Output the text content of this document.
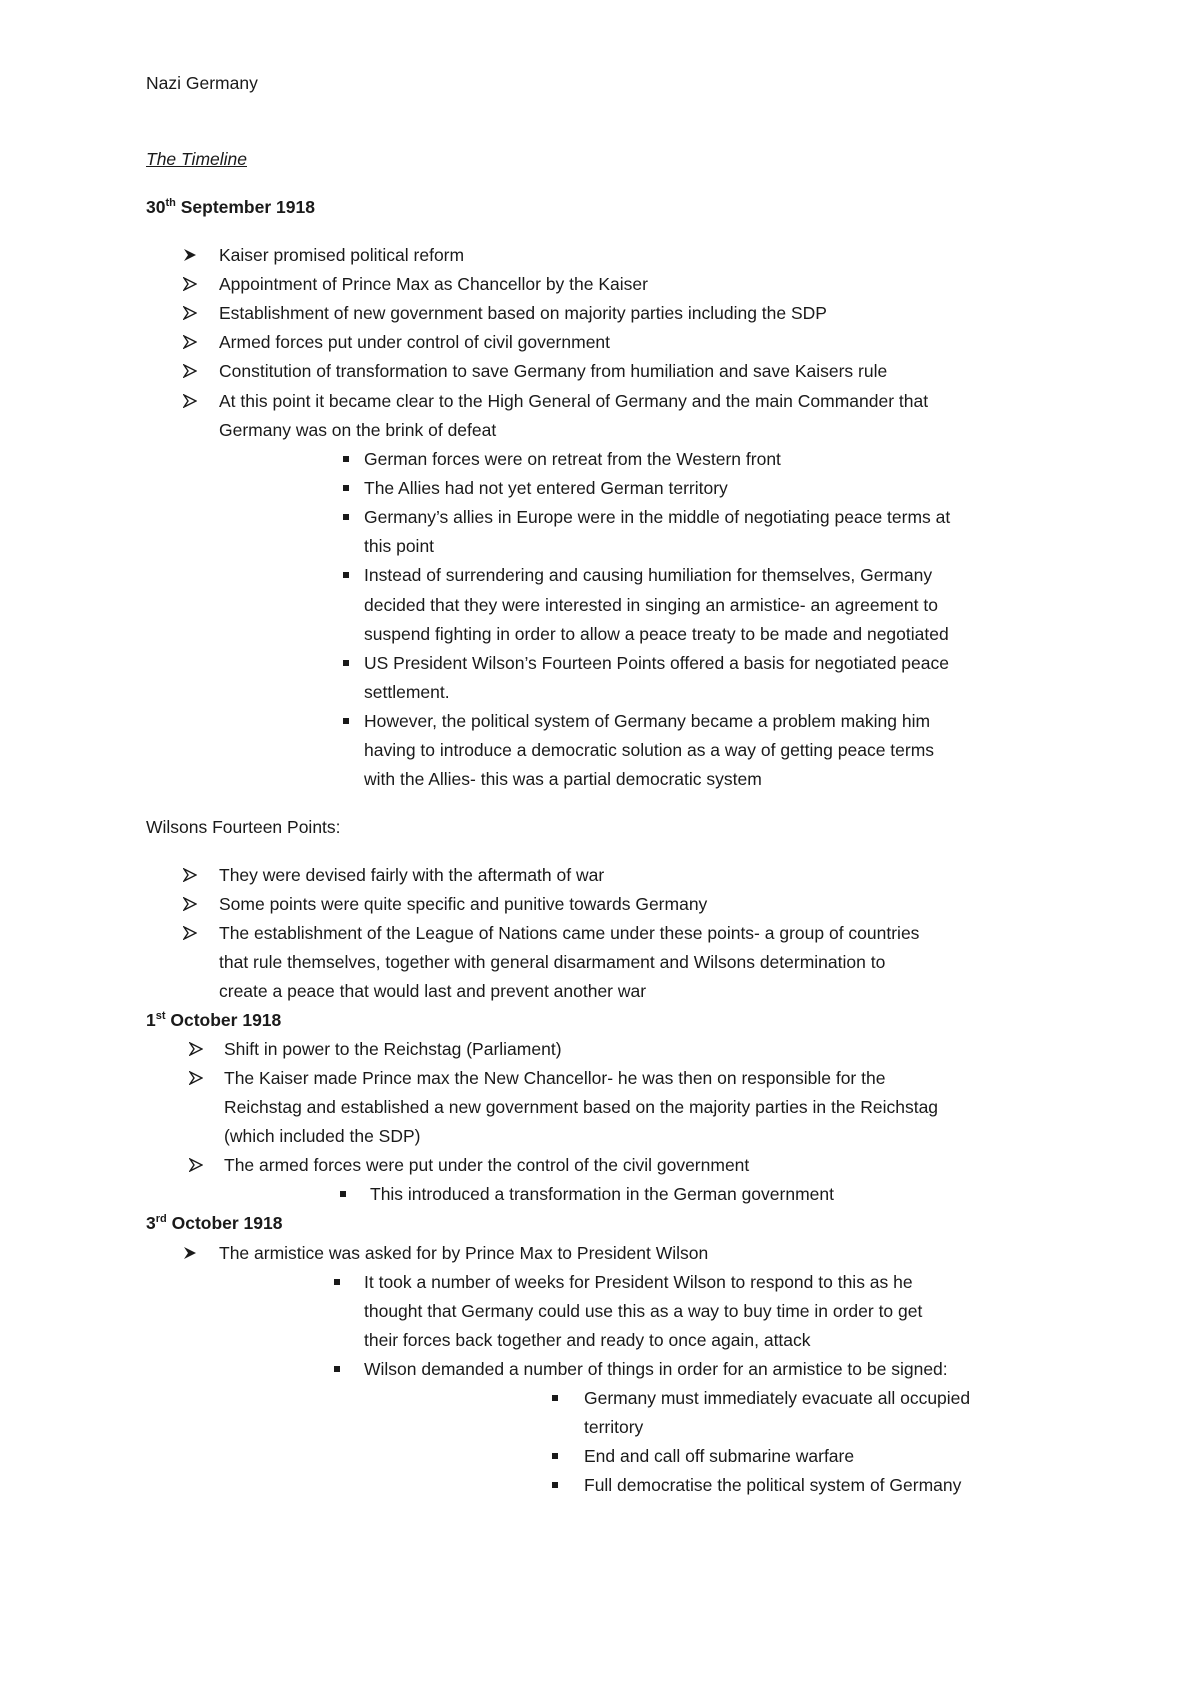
Nazi Germany
The Timeline
30th September 1918
Kaiser promised political reform
Appointment of Prince Max as Chancellor by the Kaiser
Establishment of new government based on majority parties including the SDP
Armed forces put under control of civil government
Constitution of transformation to save Germany from humiliation and save Kaisers rule
At this point it became clear to the High General of Germany and the main Commander that
Germany was on the brink of defeat
German forces were on retreat from the Western front
The Allies had not yet entered German territory
Germany’s allies in Europe were in the middle of negotiating peace terms at
this point
Instead of surrendering and causing humiliation for themselves, Germany
decided that they were interested in singing an armistice- an agreement to
suspend fighting in order to allow a peace treaty to be made and negotiated
US President Wilson’s Fourteen Points offered a basis for negotiated peace
settlement.
However, the political system of Germany became a problem making him
having to introduce a democratic solution as a way of getting peace terms
with the Allies- this was a partial democratic system
Wilsons Fourteen Points:
They were devised fairly with the aftermath of war
Some points were quite specific and punitive towards Germany
The establishment of the League of Nations came under these points- a group of countries
that rule themselves, together with general disarmament and Wilsons determination to
create a peace that would last and prevent another war
1st October 1918
Shift in power to the Reichstag (Parliament)
The Kaiser made Prince max the New Chancellor- he was then on responsible for the
Reichstag and established a new government based on the majority parties in the Reichstag
(which included the SDP)
The armed forces were put under the control of the civil government
This introduced a transformation in the German government
3rd October 1918
The armistice was asked for by Prince Max to President Wilson
It took a number of weeks for President Wilson to respond to this as he
thought that Germany could use this as a way to buy time in order to get
their forces back together and ready to once again, attack
Wilson demanded a number of things in order for an armistice to be signed:
Germany must immediately evacuate all occupied
territory
End and call off submarine warfare
Full democratise the political system of Germany
